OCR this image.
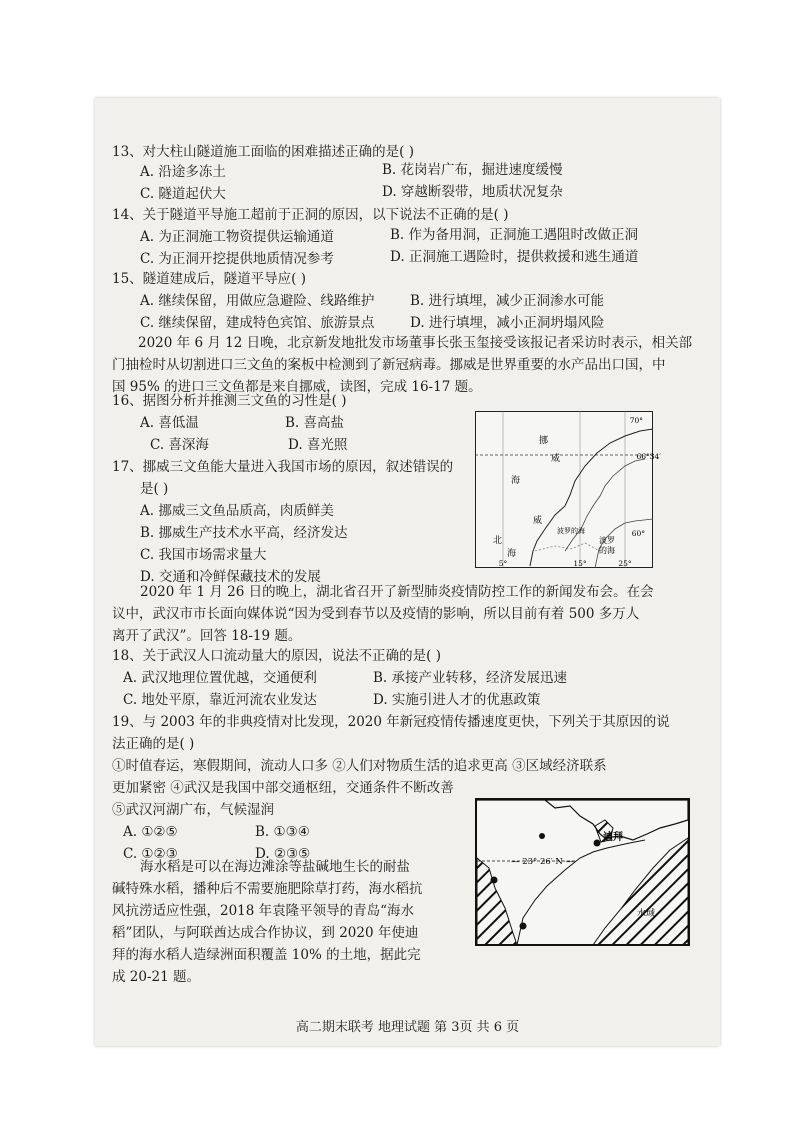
13、对大柱山隧道施工面临的困难描述正确的是( )
A. 沿途多冻土	B. 花岗岩广布，掘进速度缓慢
C. 隧道起伏大	D. 穿越断裂带，地质状况复杂
14、关于隧道平导施工超前于正洞的原因，以下说法不正确的是( )
A. 为正洞施工物资提供运输通道	B. 作为备用洞，正洞施工遇阻时改做正洞
C. 为正洞开挖提供地质情况参考	D. 正洞施工遇险时，提供救援和逃生通道
15、隧道建成后，隧道平导应( )
A. 继续保留，用做应急避险、线路维护	B. 进行填埋，减少正洞渗水可能
C. 继续保留，建成特色宾馆、旅游景点	D. 进行填埋，减小正洞坍塌风险
2020 年 6 月 12 日晚，北京新发地批发市场董事长张玉玺接受该报记者采访时表示，相关部
门抽检时从切割进口三文鱼的案板中检测到了新冠病毒。挪威是世界重要的水产品出口国，中
国 95% 的进口三文鱼都是来自挪威，读图，完成 16-17 题。
16、据图分析并推测三文鱼的习性是( )
A. 喜低温	B. 喜高盐
C. 喜深海	D. 喜光照
17、挪威三文鱼能大量进入我国市场的原因，叙述错误的
是( )
A. 挪威三文鱼品质高，肉质鲜美
B. 挪威生产技术水平高，经济发达
C. 我国市场需求量大
D. 交通和冷鲜保藏技术的发展
70°
66°34′
60°
5°	15°	25°
挪
威
海
威
北
海
波罗的海
波罗
的海
2020 年 1 月 26 日的晚上，湖北省召开了新型肺炎疫情防控工作的新闻发布会。在会
议中，武汉市市长面向媒体说“因为受到春节以及疫情的影响，所以目前有着 500 多万人
离开了武汉”。回答 18-19 题。
18、关于武汉人口流动量大的原因，说法不正确的是( )
A. 武汉地理位置优越，交通便利	B. 承接产业转移，经济发展迅速
C. 地处平原，靠近河流农业发达	D. 实施引进人才的优惠政策
19、与 2003 年的非典疫情对比发现，2020 年新冠疫情传播速度更快，下列关于其原因的说
法正确的是( )
①时值春运，寒假期间，流动人口多 ②人们对物质生活的追求更高 ③区域经济联系
更加紧密 ④武汉是我国中部交通枢纽，交通条件不断改善
⑤武汉河湖广布，气候湿润
A. ①②⑤	B. ①③④
C. ①②③	D. ②③⑤
海水稻是可以在海边滩涂等盐碱地生长的耐盐
碱特殊水稻，播种后不需要施肥除草打药，海水稻抗
风抗涝适应性强，2018 年袁隆平领导的青岛“海水
稻”团队，与阿联酋达成合作协议，到 2020 年使迪
拜的海水稻人造绿洲面积覆盖 10% 的土地，据此完
成 20-21 题。
— 23° 26′ N —
迪拜
水域
高二期末联考 地理试题 第 3页 共 6 页
